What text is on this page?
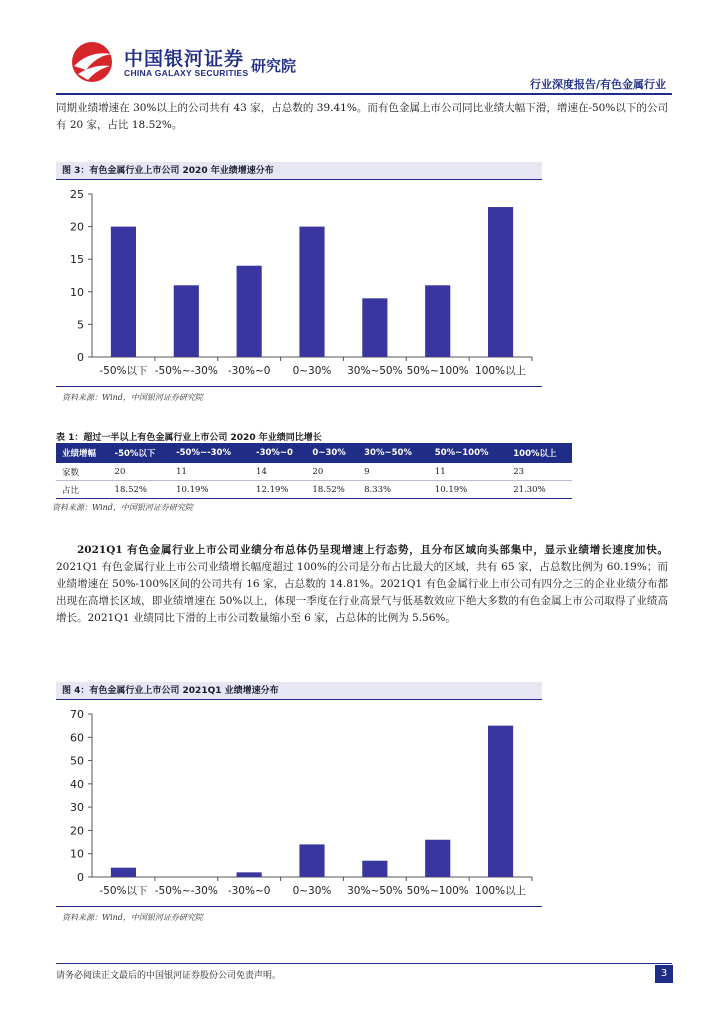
中国银河证券
CHINA GALAXY SECURITIES 研究院
行业深度报告/有色金属行业
同期业绩增速在 30%以上的公司共有 43 家，占总数的 39.41%。而有色金属上市公司同比业绩大幅下滑，增速在-50%以下的公司有 20 家，占比 18.52%。
图 3：有色金属行业上市公司 2020 年业绩增速分布
0
5
10
15
20
25
-50%以下 -50%~-30% -30%~0 0~30% 30%~50% 50%~100% 100%以上
资料来源：Wind，中国银河证券研究院
表 1：超过一半以上有色金属行业上市公司 2020 年业绩同比增长
业绩增幅	-50%以下	-50%~-30%	-30%~0	0~30%	30%~50%	50%~100%	100%以上
家数	20	11	14	20	9	11	23
占比	18.52%	10.19%	12.19%	18.52%	8.33%	10.19%	21.30%
资料来源：Wind，中国银河证券研究院
2021Q1 有色金属行业上市公司业绩分布总体仍呈现增速上行态势，且分布区域向头部集中，显示业绩增长速度加快。2021Q1 有色金属行业上市公司业绩增长幅度超过 100%的公司是分布占比最大的区域，共有 65 家，占总数比例为 60.19%；而业绩增速在 50%-100%区间的公司共有 16 家，占总数的 14.81%。2021Q1 有色金属行业上市公司有四分之三的企业业绩分布都出现在高增长区域，即业绩增速在 50%以上，体现一季度在行业高景气与低基数效应下绝大多数的有色金属上市公司取得了业绩高增长。2021Q1 业绩同比下滑的上市公司数量缩小至 6 家，占总体的比例为 5.56%。
图 4：有色金属行业上市公司 2021Q1 业绩增速分布
0
10
20
30
40
50
60
70
-50%以下 -50%~-30% -30%~0 0~30% 30%~50% 50%~100% 100%以上
资料来源：Wind，中国银河证券研究院
请务必阅读正文最后的中国银河证券股份公司免责声明。	3
